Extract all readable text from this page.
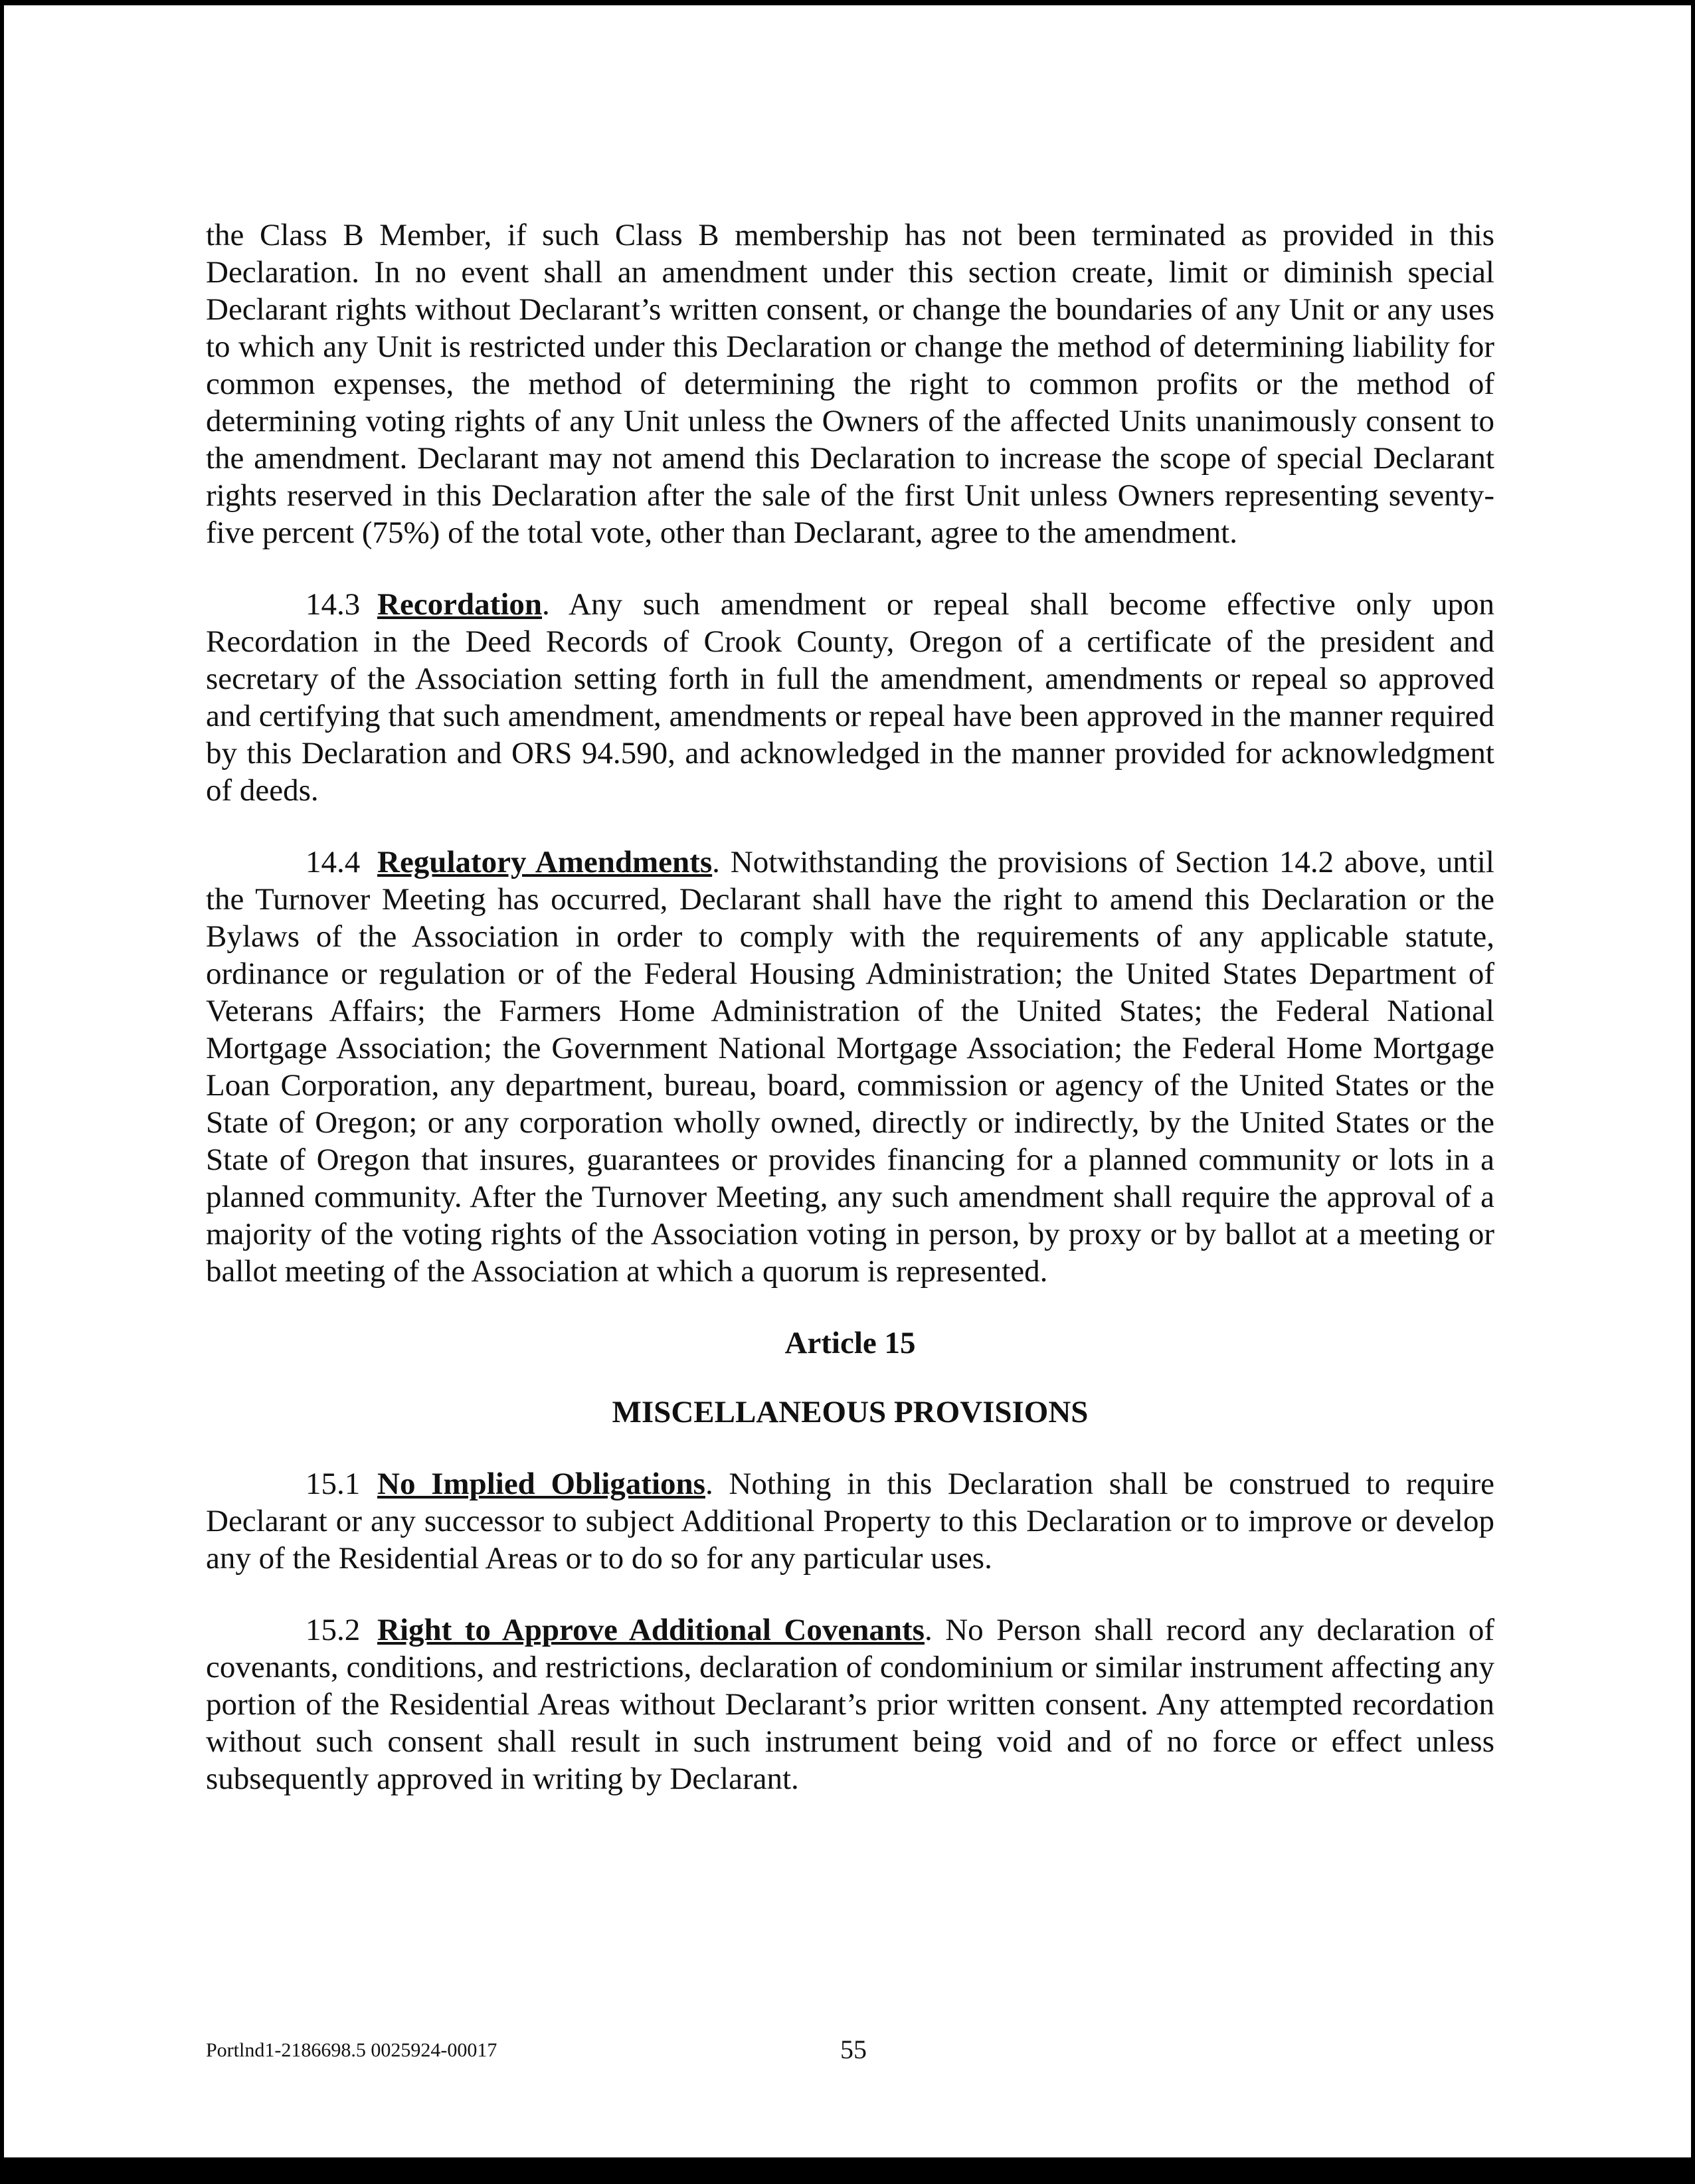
the Class B Member, if such Class B membership has not been terminated as provided in this Declaration. In no event shall an amendment under this section create, limit or diminish special Declarant rights without Declarant’s written consent, or change the boundaries of any Unit or any uses to which any Unit is restricted under this Declaration or change the method of determining liability for common expenses, the method of determining the right to common profits or the method of determining voting rights of any Unit unless the Owners of the affected Units unanimously consent to the amendment. Declarant may not amend this Declaration to increase the scope of special Declarant rights reserved in this Declaration after the sale of the first Unit unless Owners representing seventy-five percent (75%) of the total vote, other than Declarant, agree to the amendment.

14.3 Recordation. Any such amendment or repeal shall become effective only upon Recordation in the Deed Records of Crook County, Oregon of a certificate of the president and secretary of the Association setting forth in full the amendment, amendments or repeal so approved and certifying that such amendment, amendments or repeal have been approved in the manner required by this Declaration and ORS 94.590, and acknowledged in the manner provided for acknowledgment of deeds.

14.4 Regulatory Amendments. Notwithstanding the provisions of Section 14.2 above, until the Turnover Meeting has occurred, Declarant shall have the right to amend this Declaration or the Bylaws of the Association in order to comply with the requirements of any applicable statute, ordinance or regulation or of the Federal Housing Administration; the United States Department of Veterans Affairs; the Farmers Home Administration of the United States; the Federal National Mortgage Association; the Government National Mortgage Association; the Federal Home Mortgage Loan Corporation, any department, bureau, board, commission or agency of the United States or the State of Oregon; or any corporation wholly owned, directly or indirectly, by the United States or the State of Oregon that insures, guarantees or provides financing for a planned community or lots in a planned community. After the Turnover Meeting, any such amendment shall require the approval of a majority of the voting rights of the Association voting in person, by proxy or by ballot at a meeting or ballot meeting of the Association at which a quorum is represented.

Article 15

MISCELLANEOUS PROVISIONS

15.1 No Implied Obligations. Nothing in this Declaration shall be construed to require Declarant or any successor to subject Additional Property to this Declaration or to improve or develop any of the Residential Areas or to do so for any particular uses.

15.2 Right to Approve Additional Covenants. No Person shall record any declaration of covenants, conditions, and restrictions, declaration of condominium or similar instrument affecting any portion of the Residential Areas without Declarant’s prior written consent. Any attempted recordation without such consent shall result in such instrument being void and of no force or effect unless subsequently approved in writing by Declarant.

Portlnd1-2186698.5 0025924-00017	55
